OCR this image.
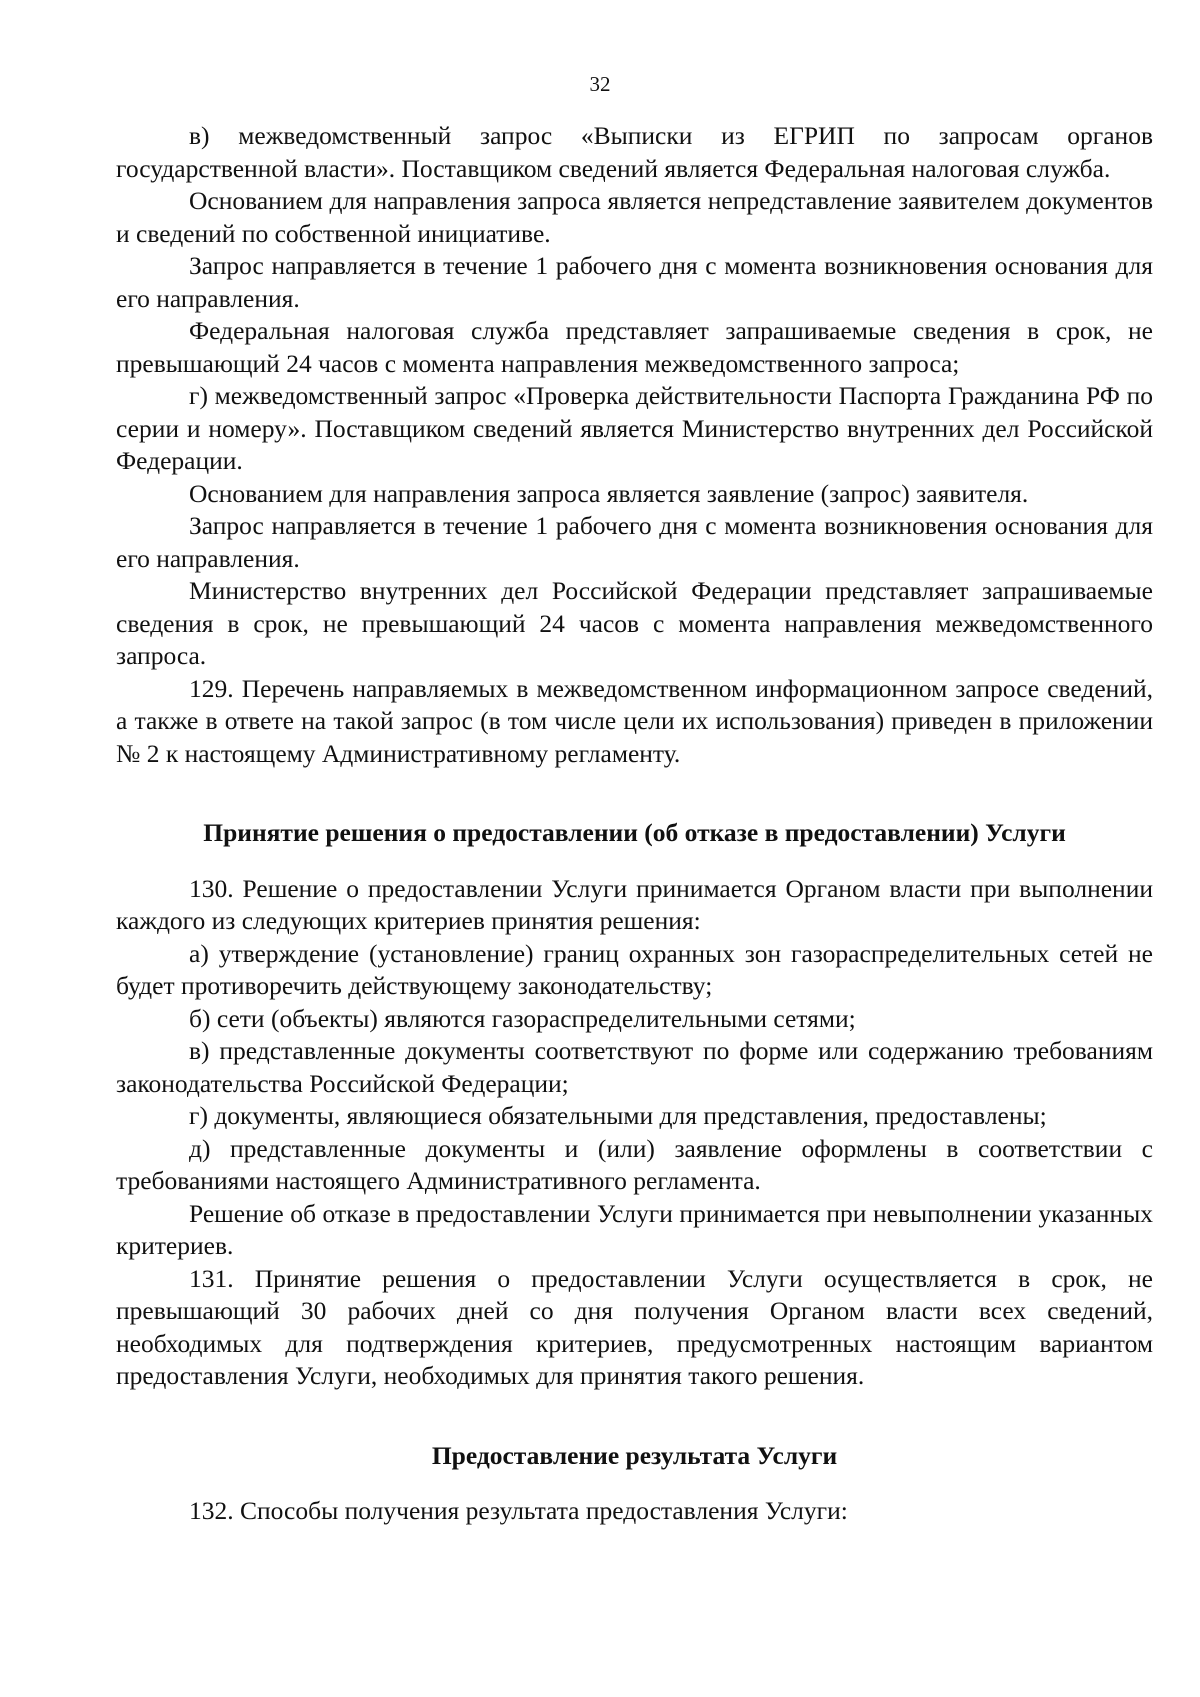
32

в) межведомственный запрос «Выписки из ЕГРИП по запросам органов государственной власти». Поставщиком сведений является Федеральная налоговая служба.

Основанием для направления запроса является непредставление заявителем документов и сведений по собственной инициативе.

Запрос направляется в течение 1 рабочего дня с момента возникновения основания для его направления.

Федеральная налоговая служба представляет запрашиваемые сведения в срок, не превышающий 24 часов с момента направления межведомственного запроса;

г) межведомственный запрос «Проверка действительности Паспорта Гражданина РФ по серии и номеру». Поставщиком сведений является Министерство внутренних дел Российской Федерации.

Основанием для направления запроса является заявление (запрос) заявителя.

Запрос направляется в течение 1 рабочего дня с момента возникновения основания для его направления.

Министерство внутренних дел Российской Федерации представляет запрашиваемые сведения в срок, не превышающий 24 часов с момента направления межведомственного запроса.

129. Перечень направляемых в межведомственном информационном запросе сведений, а также в ответе на такой запрос (в том числе цели их использования) приведен в приложении № 2 к настоящему Административному регламенту.

Принятие решения о предоставлении (об отказе в предоставлении) Услуги

130. Решение о предоставлении Услуги принимается Органом власти при выполнении каждого из следующих критериев принятия решения:

а) утверждение (установление) границ охранных зон газораспределительных сетей не будет противоречить действующему законодательству;

б) сети (объекты) являются газораспределительными сетями;

в) представленные документы соответствуют по форме или содержанию требованиям законодательства Российской Федерации;

г) документы, являющиеся обязательными для представления, предоставлены;

д) представленные документы и (или) заявление оформлены в соответствии с требованиями настоящего Административного регламента.

Решение об отказе в предоставлении Услуги принимается при невыполнении указанных критериев.

131. Принятие решения о предоставлении Услуги осуществляется в срок, не превышающий 30 рабочих дней со дня получения Органом власти всех сведений, необходимых для подтверждения критериев, предусмотренных настоящим вариантом предоставления Услуги, необходимых для принятия такого решения.

Предоставление результата Услуги

132. Способы получения результата предоставления Услуги:
